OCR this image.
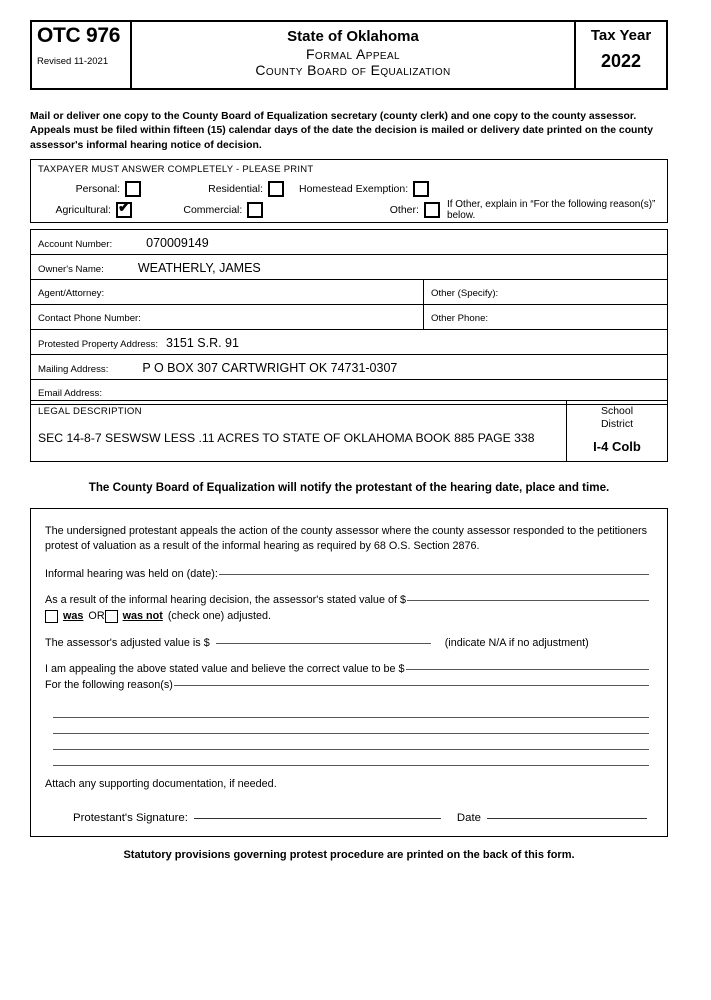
OTC 976
Revised 11-2021
State of Oklahoma
Formal Appeal
County Board of Equalization
Tax Year
2022
Mail or deliver one copy to the County Board of Equalization secretary (county clerk) and one copy to the county assessor. Appeals must be filed within fifteen (15) calendar days of the date the decision is mailed or delivery date printed on the county assessor's informal hearing notice of decision.
TAXPAYER MUST ANSWER COMPLETELY - PLEASE PRINT
Personal:	Residential:	Homestead Exemption:
Agricultural: ✔	Commercial:	Other:	If Other, explain in “For the following reason(s)” below.
Account Number:	070009149
Owner's Name:	WEATHERLY, JAMES
Agent/Attorney:	Other (Specify):
Contact Phone Number:	Other Phone:
Protested Property Address: 3151 S.R. 91
Mailing Address:	P O BOX 307 CARTWRIGHT OK 74731-0307
Email Address:
LEGAL DESCRIPTION
SEC 14-8-7 SESWSW LESS .11 ACRES TO STATE OF OKLAHOMA BOOK 885 PAGE 338
School
District
I-4 Colb
The County Board of Equalization will notify the protestant of the hearing date, place and time.
The undersigned protestant appeals the action of the county assessor where the county assessor responded to the petitioners protest of valuation as a result of the informal hearing as required by 68 O.S. Section 2876.
Informal hearing was held on (date):
As a result of the informal hearing decision, the assessor's stated value of $
was OR was not (check one) adjusted.
The assessor's adjusted value is $	(indicate N/A if no adjustment)
I am appealing the above stated value and believe the correct value to be $
For the following reason(s)
Attach any supporting documentation, if needed.
Protestant's Signature:	Date
Statutory provisions governing protest procedure are printed on the back of this form.
